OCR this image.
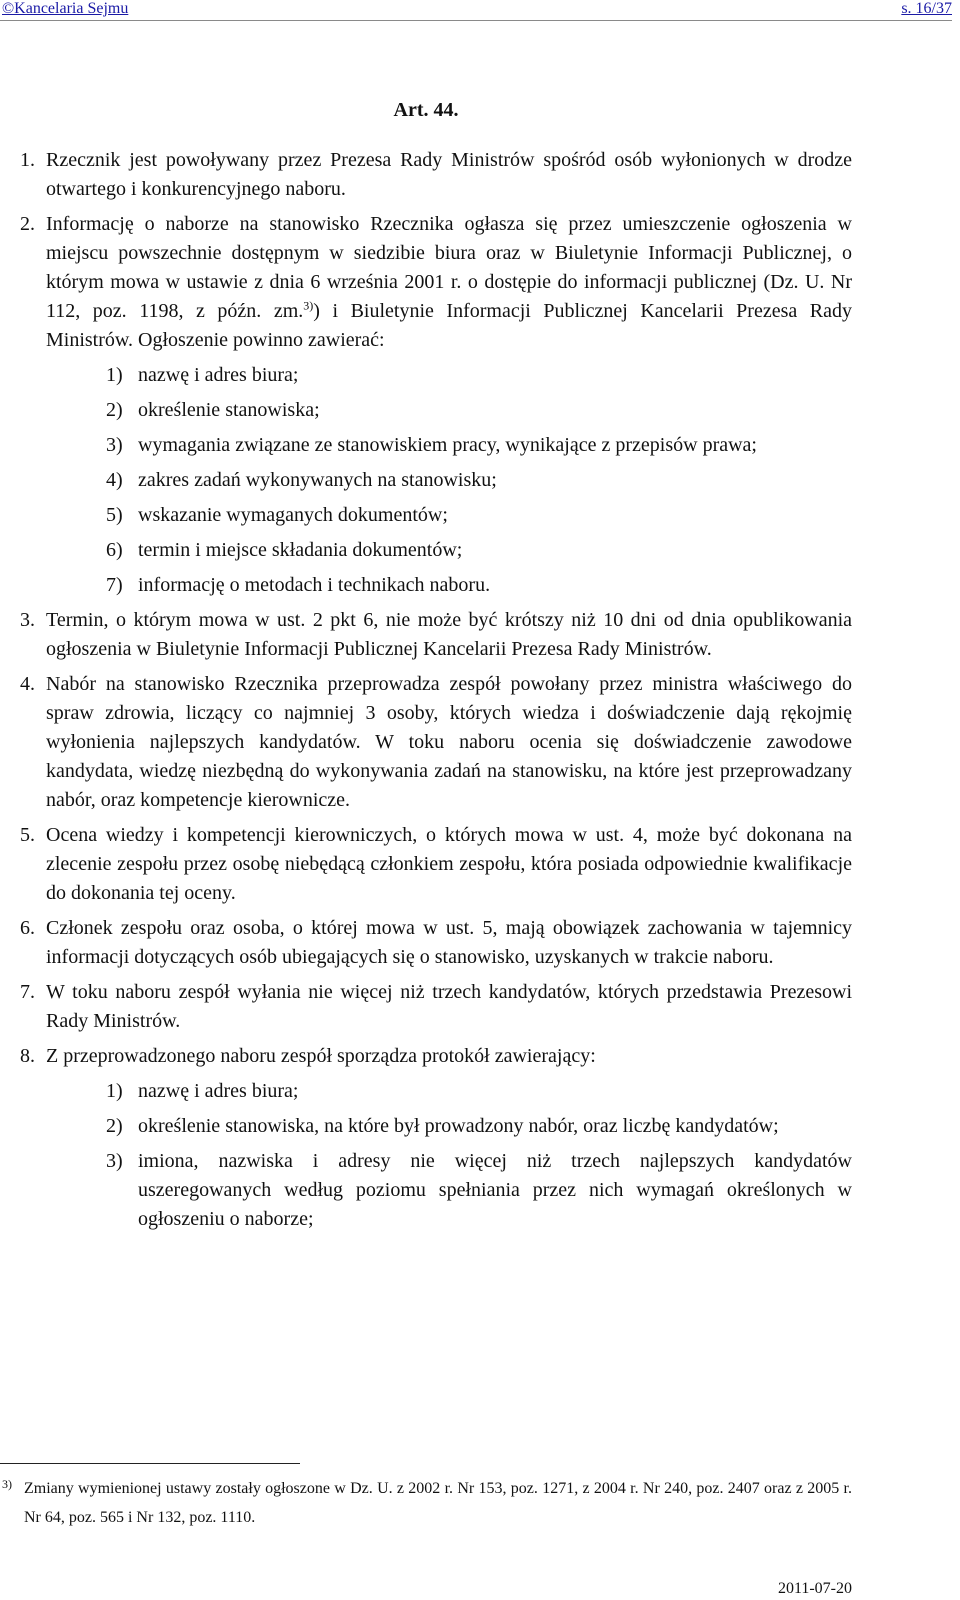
©Kancelaria Sejmu	s. 16/37
Art. 44.
1. Rzecznik jest powoływany przez Prezesa Rady Ministrów spośród osób wyłonionych w drodze otwartego i konkurencyjnego naboru.
2. Informację o naborze na stanowisko Rzecznika ogłasza się przez umieszczenie ogłoszenia w miejscu powszechnie dostępnym w siedzibie biura oraz w Biuletynie Informacji Publicznej, o którym mowa w ustawie z dnia 6 września 2001 r. o dostępie do informacji publicznej (Dz. U. Nr 112, poz. 1198, z późn. zm.$^{3)}$) i Biuletynie Informacji Publicznej Kancelarii Prezesa Rady Ministrów. Ogłoszenie powinno zawierać:
1) nazwę i adres biura;
2) określenie stanowiska;
3) wymagania związane ze stanowiskiem pracy, wynikające z przepisów prawa;
4) zakres zadań wykonywanych na stanowisku;
5) wskazanie wymaganych dokumentów;
6) termin i miejsce składania dokumentów;
7) informację o metodach i technikach naboru.
3. Termin, o którym mowa w ust. 2 pkt 6, nie może być krótszy niż 10 dni od dnia opublikowania ogłoszenia w Biuletynie Informacji Publicznej Kancelarii Prezesa Rady Ministrów.
4. Nabór na stanowisko Rzecznika przeprowadza zespół powołany przez ministra właściwego do spraw zdrowia, liczący co najmniej 3 osoby, których wiedza i doświadczenie dają rękojmię wyłonienia najlepszych kandydatów. W toku naboru ocenia się doświadczenie zawodowe kandydata, wiedzę niezbędną do wykonywania zadań na stanowisku, na które jest przeprowadzany nabór, oraz kompetencje kierownicze.
5. Ocena wiedzy i kompetencji kierowniczych, o których mowa w ust. 4, może być dokonana na zlecenie zespołu przez osobę niebędącą członkiem zespołu, która posiada odpowiednie kwalifikacje do dokonania tej oceny.
6. Członek zespołu oraz osoba, o której mowa w ust. 5, mają obowiązek zachowania w tajemnicy informacji dotyczących osób ubiegających się o stanowisko, uzyskanych w trakcie naboru.
7. W toku naboru zespół wyłania nie więcej niż trzech kandydatów, których przedstawia Prezesowi Rady Ministrów.
8. Z przeprowadzonego naboru zespół sporządza protokół zawierający:
1) nazwę i adres biura;
2) określenie stanowiska, na które był prowadzony nabór, oraz liczbę kandydatów;
3) imiona, nazwiska i adresy nie więcej niż trzech najlepszych kandydatów uszeregowanych według poziomu spełniania przez nich wymagań określonych w ogłoszeniu o naborze;
3) Zmiany wymienionej ustawy zostały ogłoszone w Dz. U. z 2002 r. Nr 153, poz. 1271, z 2004 r. Nr 240, poz. 2407 oraz z 2005 r. Nr 64, poz. 565 i Nr 132, poz. 1110.
2011-07-20
